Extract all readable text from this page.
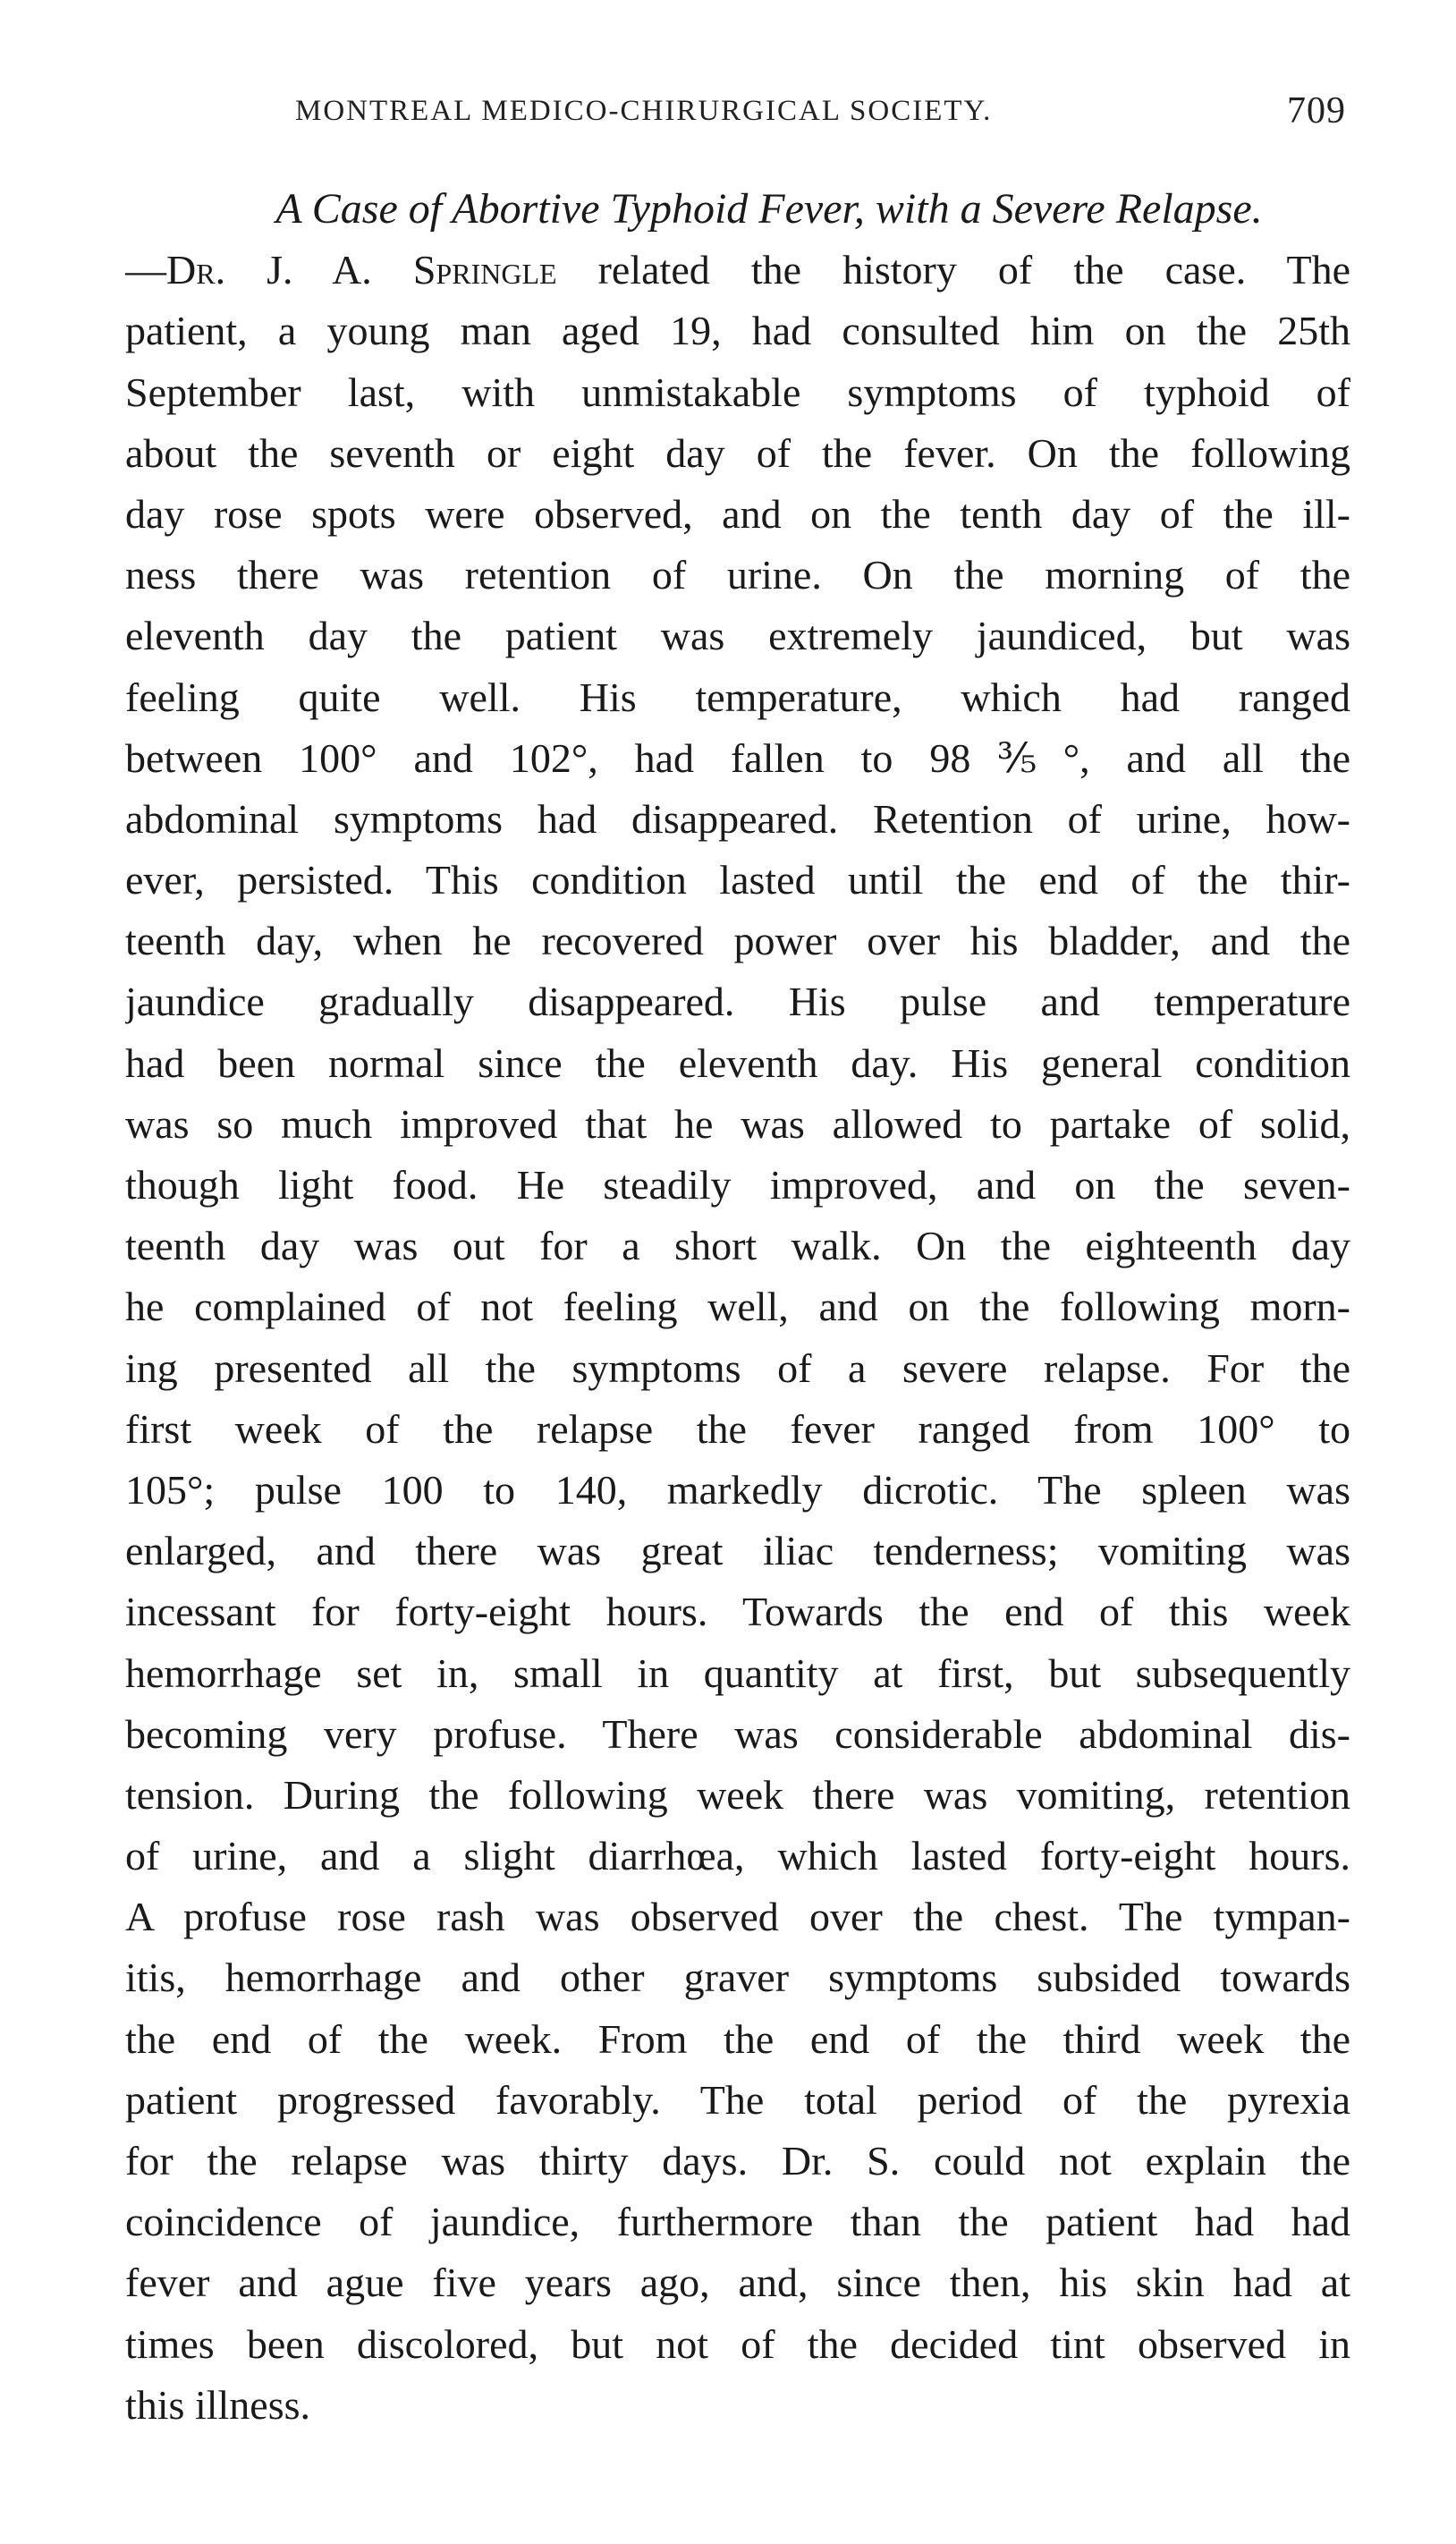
MONTREAL MEDICO-CHIRURGICAL SOCIETY.	709
A Case of Abortive Typhoid Fever, with a Severe Relapse.
—Dr. J. A. Springle related the history of the case. The
patient, a young man aged 19, had consulted him on the 25th
September last, with unmistakable symptoms of typhoid of
about the seventh or eight day of the fever. On the following
day rose spots were observed, and on the tenth day of the ill-
ness there was retention of urine. On the morning of the
eleventh day the patient was extremely jaundiced, but was
feeling quite well. His temperature, which had ranged
between 100° and 102°, had fallen to 98⅗°, and all the
abdominal symptoms had disappeared. Retention of urine, how-
ever, persisted. This condition lasted until the end of the thir-
teenth day, when he recovered power over his bladder, and the
jaundice gradually disappeared. His pulse and temperature
had been normal since the eleventh day. His general condition
was so much improved that he was allowed to partake of solid,
though light food. He steadily improved, and on the seven-
teenth day was out for a short walk. On the eighteenth day
he complained of not feeling well, and on the following morn-
ing presented all the symptoms of a severe relapse. For the
first week of the relapse the fever ranged from 100° to
105°; pulse 100 to 140, markedly dicrotic. The spleen was
enlarged, and there was great iliac tenderness; vomiting was
incessant for forty-eight hours. Towards the end of this week
hemorrhage set in, small in quantity at first, but subsequently
becoming very profuse. There was considerable abdominal dis-
tension. During the following week there was vomiting, retention
of urine, and a slight diarrhœa, which lasted forty-eight hours.
A profuse rose rash was observed over the chest. The tympan-
itis, hemorrhage and other graver symptoms subsided towards
the end of the week. From the end of the third week the
patient progressed favorably. The total period of the pyrexia
for the relapse was thirty days. Dr. S. could not explain the
coincidence of jaundice, furthermore than the patient had had
fever and ague five years ago, and, since then, his skin had at
times been discolored, but not of the decided tint observed in
this illness.
